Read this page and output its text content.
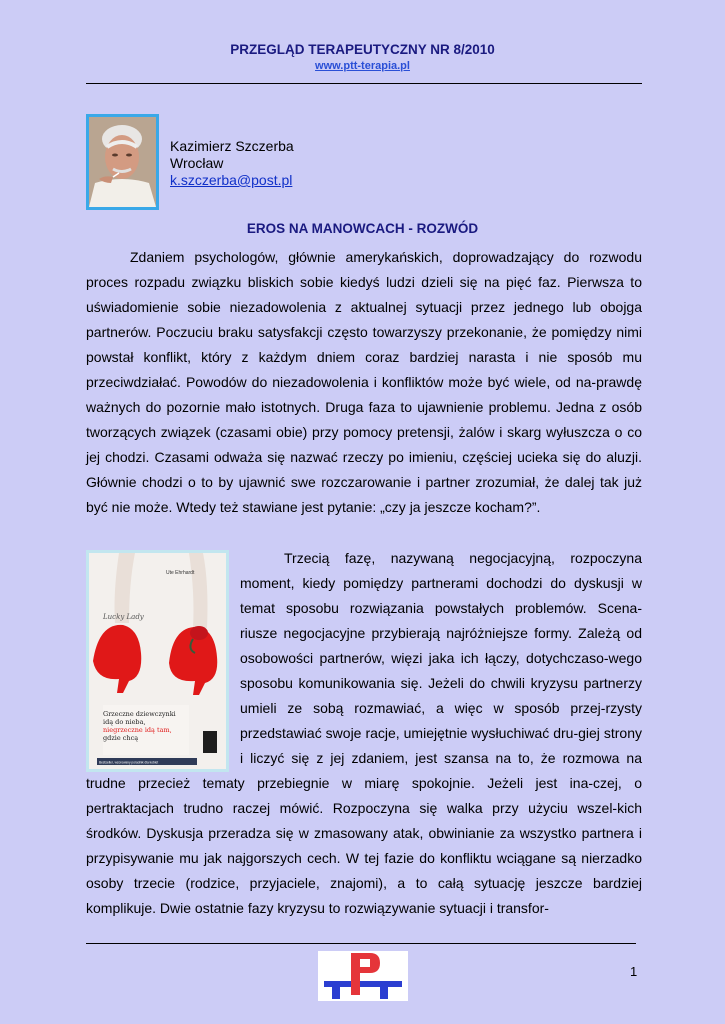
PRZEGLĄD TERAPEUTYCZNY NR 8/2010
www.ptt-terapia.pl
Kazimierz Szczerba
Wrocław
k.szczerba@post.pl
EROS NA MANOWCACH - ROZWÓD

Zdaniem psychologów, głównie amerykańskich, doprowadzający do rozwodu proces rozpadu związku bliskich sobie kiedyś ludzi dzieli się na pięć faz. Pierwsza to uświadomienie sobie niezadowolenia z aktualnej sytuacji przez jednego lub obojga partnerów. Poczuciu braku satysfakcji często towarzyszy przekonanie, że pomiędzy nimi powstał konflikt, który z każdym dniem coraz bardziej narasta i nie sposób mu przeciwdziałać. Powodów do niezadowolenia i konfliktów może być wiele, od na-prawdę ważnych do pozornie mało istotnych. Druga faza to ujawnienie problemu. Jedna z osób tworzących związek (czasami obie) przy pomocy pretensji, żalów i skarg wyłuszcza o co jej chodzi. Czasami odważa się nazwać rzeczy po imieniu, częściej ucieka się do aluzji. Głównie chodzi o to by ujawnić swe rozczarowanie i partner zrozumiał, że dalej tak już być nie może. Wtedy też stawiane jest pytanie: „czy ja jeszcze kocham?”.

Trzecią fazę, nazywaną negocjacyjną, rozpoczyna moment, kiedy pomiędzy partnerami dochodzi do dyskusji w temat sposobu rozwiązania powstałych problemów. Scena-riusze negocjacyjne przybierają najróżniejsze formy. Zależą od osobowości partnerów, więzi jaka ich łączy, dotychczaso-wego sposobu komunikowania się. Jeżeli do chwili kryzysu partnerzy umieli ze sobą rozmawiać, a więc w sposób przej-rzysty przedstawiać swoje racje, umiejętnie wysłuchiwać dru-giej strony i liczyć się z jej zdaniem, jest szansa na to, że rozmowa na trudne przecież tematy przebiegnie w miarę spokojnie. Jeżeli jest ina-czej, o pertraktacjach trudno raczej mówić. Rozpoczyna się walka przy użyciu wszel-kich środków. Dyskusja przeradza się w zmasowany atak, obwinianie za wszystko partnera i przypisywanie mu jak najgorszych cech. W tej fazie do konfliktu wciągane są nierzadko osoby trzecie (rodzice, przyjaciele, znajomi), a to całą sytuację jeszcze bardziej komplikuje. Dwie ostatnie fazy kryzysu to rozwiązywanie sytuacji i transfor-

Ute Ehrhardt
Lucky Lady
Grzeczne dziewczynki
idą do nieba,
niegrzeczne idą tam,
gdzie chcą
Bestseller, wzorowany poradnik dla kobiet
1
